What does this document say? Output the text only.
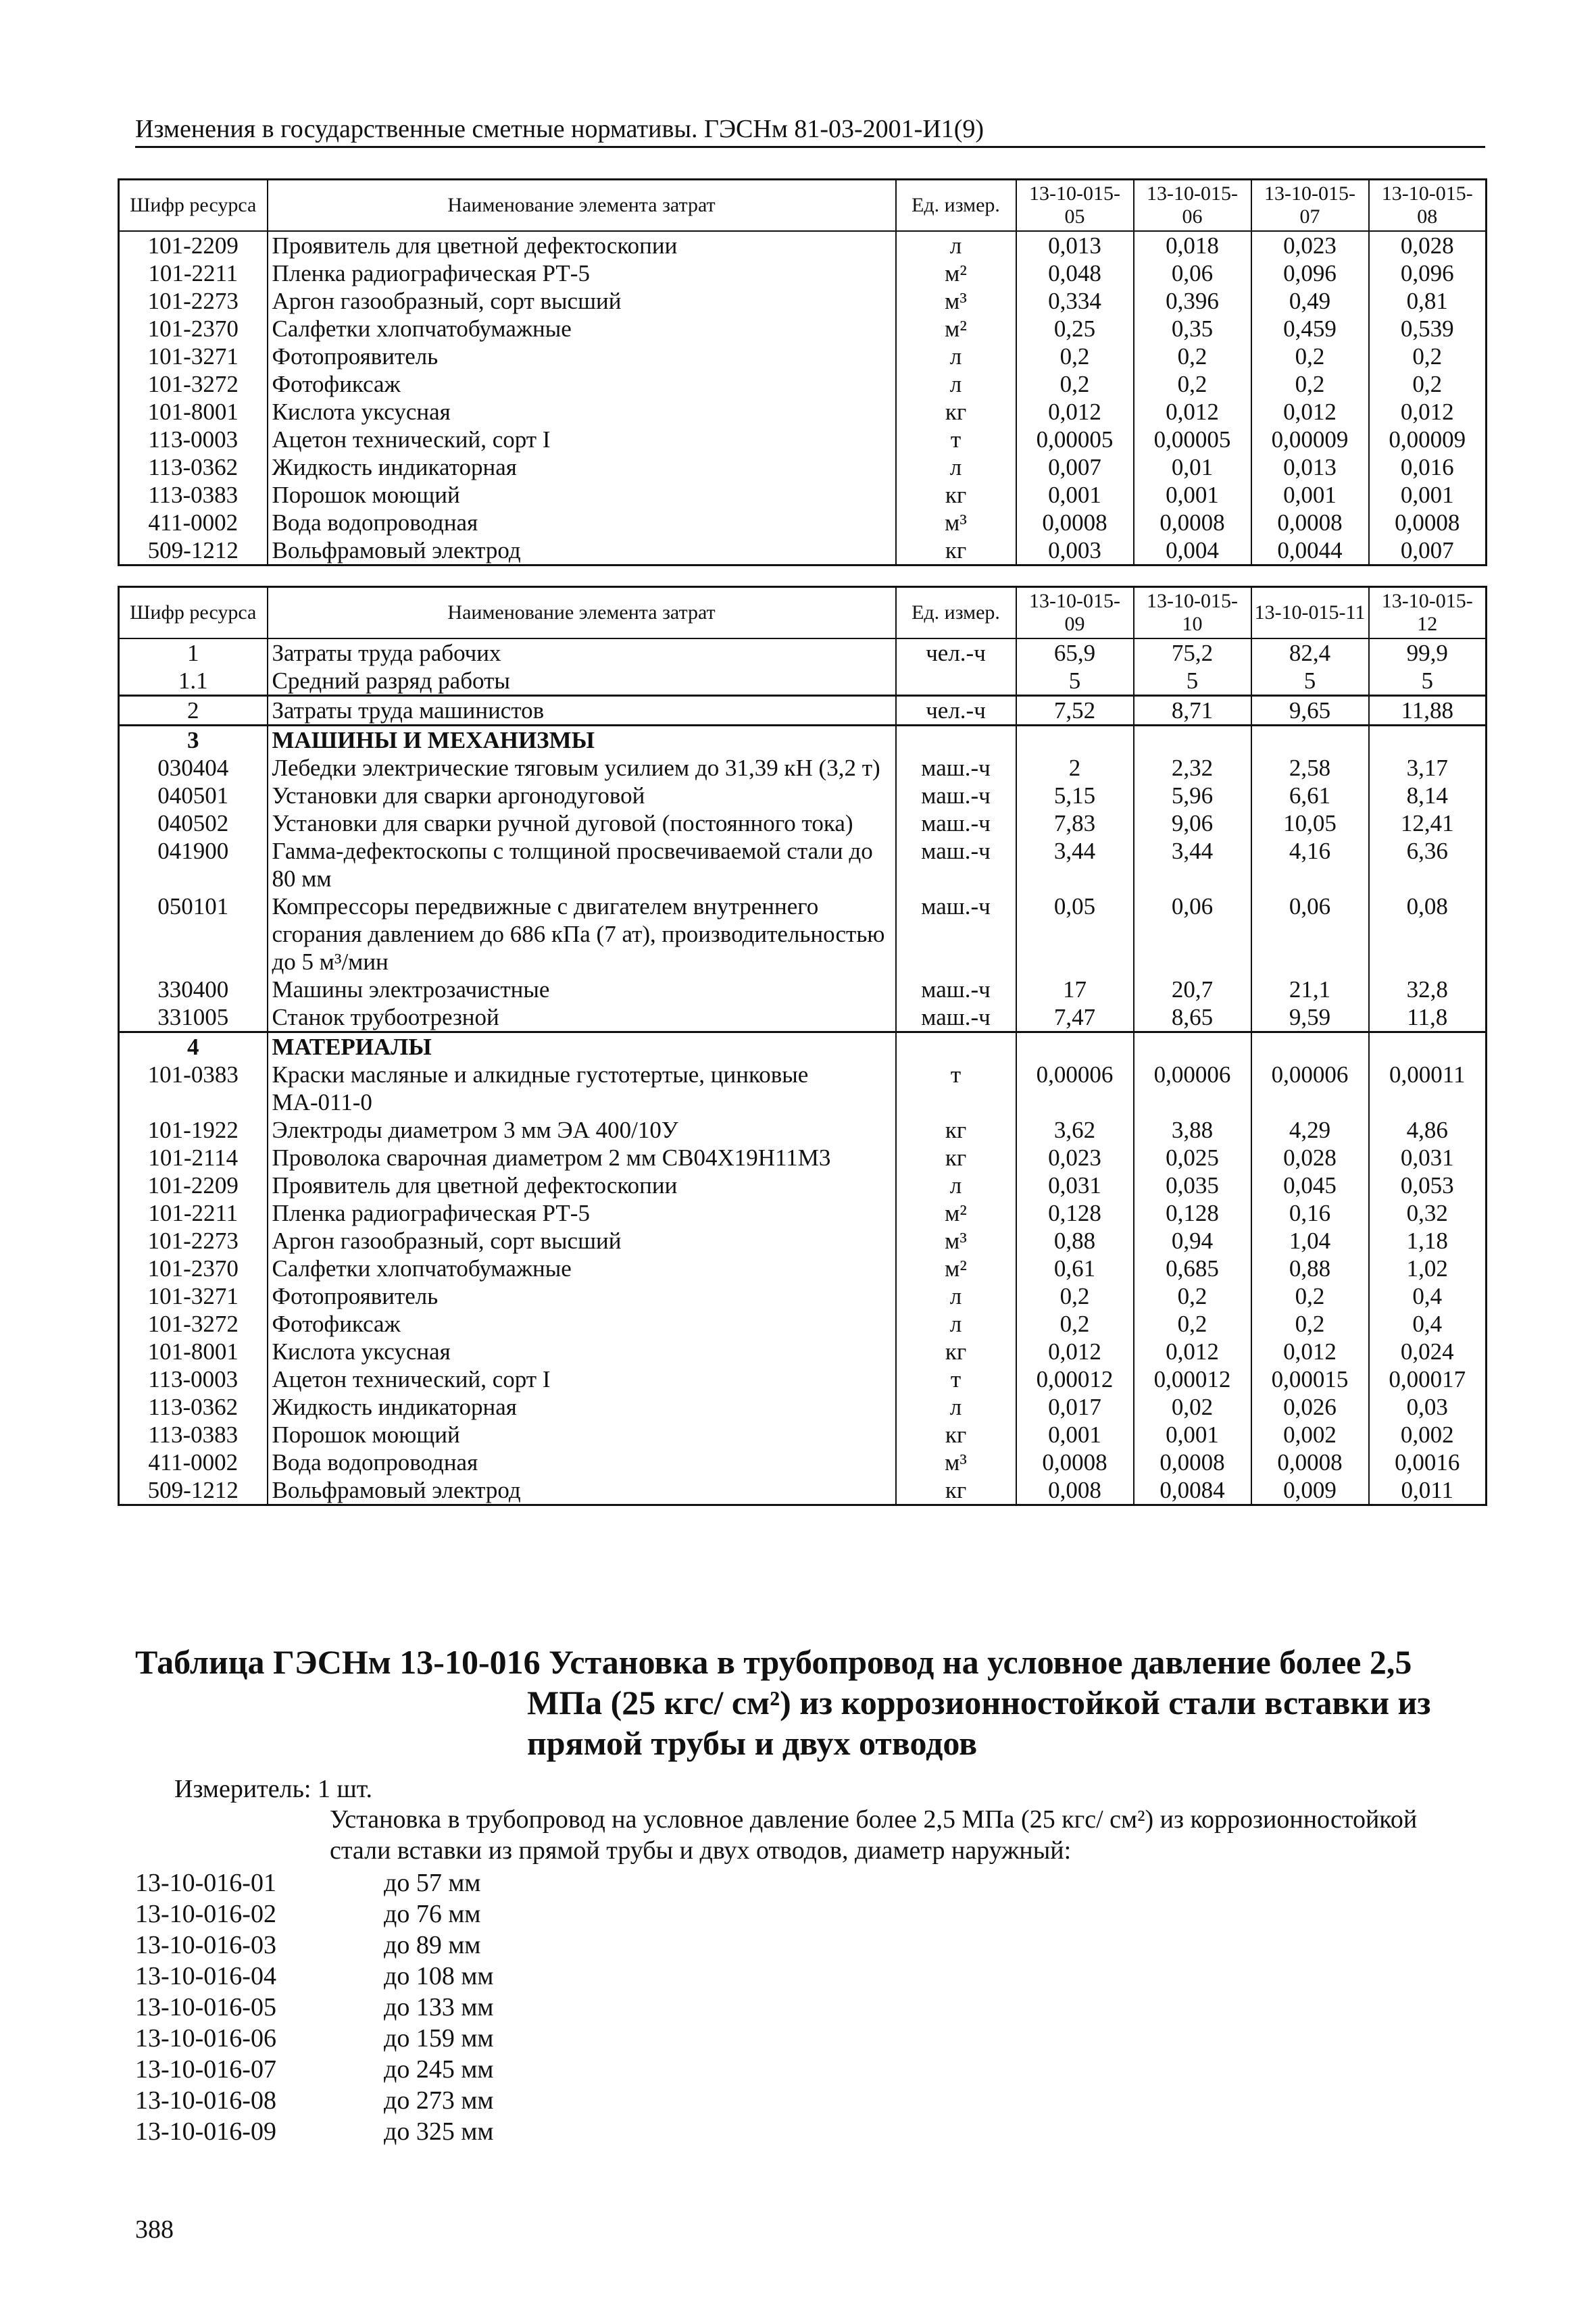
Изменения в государственные сметные нормативы. ГЭСНм 81-03-2001-И1(9)
Шифр ресурса	Наименование элемента затрат	Ед. измер.	13-10-015-05	13-10-015-06	13-10-015-07	13-10-015-08
101-2209	Проявитель для цветной дефектоскопии	л	0,013	0,018	0,023	0,028
101-2211	Пленка радиографическая РТ-5	м²	0,048	0,06	0,096	0,096
101-2273	Аргон газообразный, сорт высший	м³	0,334	0,396	0,49	0,81
101-2370	Салфетки хлопчатобумажные	м²	0,25	0,35	0,459	0,539
101-3271	Фотопроявитель	л	0,2	0,2	0,2	0,2
101-3272	Фотофиксаж	л	0,2	0,2	0,2	0,2
101-8001	Кислота уксусная	кг	0,012	0,012	0,012	0,012
113-0003	Ацетон технический, сорт I	т	0,00005	0,00005	0,00009	0,00009
113-0362	Жидкость индикаторная	л	0,007	0,01	0,013	0,016
113-0383	Порошок моющий	кг	0,001	0,001	0,001	0,001
411-0002	Вода водопроводная	м³	0,0008	0,0008	0,0008	0,0008
509-1212	Вольфрамовый электрод	кг	0,003	0,004	0,0044	0,007
Шифр ресурса	Наименование элемента затрат	Ед. измер.	13-10-015-09	13-10-015-10	13-10-015-11	13-10-015-12
1	Затраты труда рабочих	чел.-ч	65,9	75,2	82,4	99,9
1.1	Средний разряд работы		5	5	5	5
2	Затраты труда машинистов	чел.-ч	7,52	8,71	9,65	11,88
3	МАШИНЫ И МЕХАНИЗМЫ					
030404	Лебедки электрические тяговым усилием до 31,39 кН (3,2 т)	маш.-ч	2	2,32	2,58	3,17
040501	Установки для сварки аргонодуговой	маш.-ч	5,15	5,96	6,61	8,14
040502	Установки для сварки ручной дуговой (постоянного тока)	маш.-ч	7,83	9,06	10,05	12,41
041900	Гамма-дефектоскопы с толщиной просвечиваемой стали до 80 мм	маш.-ч	3,44	3,44	4,16	6,36
050101	Компрессоры передвижные с двигателем внутреннего сгорания давлением до 686 кПа (7 ат), производительностью до 5 м³/мин	маш.-ч	0,05	0,06	0,06	0,08
330400	Машины электрозачистные	маш.-ч	17	20,7	21,1	32,8
331005	Станок трубоотрезной	маш.-ч	7,47	8,65	9,59	11,8
4	МАТЕРИАЛЫ					
101-0383	Краски масляные и алкидные густотертые, цинковые МА-011-0	т	0,00006	0,00006	0,00006	0,00011
101-1922	Электроды диаметром 3 мм ЭА 400/10У	кг	3,62	3,88	4,29	4,86
101-2114	Проволока сварочная диаметром 2 мм СВ04Х19Н11М3	кг	0,023	0,025	0,028	0,031
101-2209	Проявитель для цветной дефектоскопии	л	0,031	0,035	0,045	0,053
101-2211	Пленка радиографическая РТ-5	м²	0,128	0,128	0,16	0,32
101-2273	Аргон газообразный, сорт высший	м³	0,88	0,94	1,04	1,18
101-2370	Салфетки хлопчатобумажные	м²	0,61	0,685	0,88	1,02
101-3271	Фотопроявитель	л	0,2	0,2	0,2	0,4
101-3272	Фотофиксаж	л	0,2	0,2	0,2	0,4
101-8001	Кислота уксусная	кг	0,012	0,012	0,012	0,024
113-0003	Ацетон технический, сорт I	т	0,00012	0,00012	0,00015	0,00017
113-0362	Жидкость индикаторная	л	0,017	0,02	0,026	0,03
113-0383	Порошок моющий	кг	0,001	0,001	0,002	0,002
411-0002	Вода водопроводная	м³	0,0008	0,0008	0,0008	0,0016
509-1212	Вольфрамовый электрод	кг	0,008	0,0084	0,009	0,011
Таблица ГЭСНм 13-10-016 Установка в трубопровод на условное давление более 2,5
МПа (25 кгс/ см²) из коррозионностойкой стали вставки из
прямой трубы и двух отводов
Измеритель: 1 шт.
Установка в трубопровод на условное давление более 2,5 МПа (25 кгс/ см²) из коррозионностойкой стали вставки из прямой трубы и двух отводов, диаметр наружный:
13-10-016-01	до 57 мм
13-10-016-02	до 76 мм
13-10-016-03	до 89 мм
13-10-016-04	до 108 мм
13-10-016-05	до 133 мм
13-10-016-06	до 159 мм
13-10-016-07	до 245 мм
13-10-016-08	до 273 мм
13-10-016-09	до 325 мм
388
